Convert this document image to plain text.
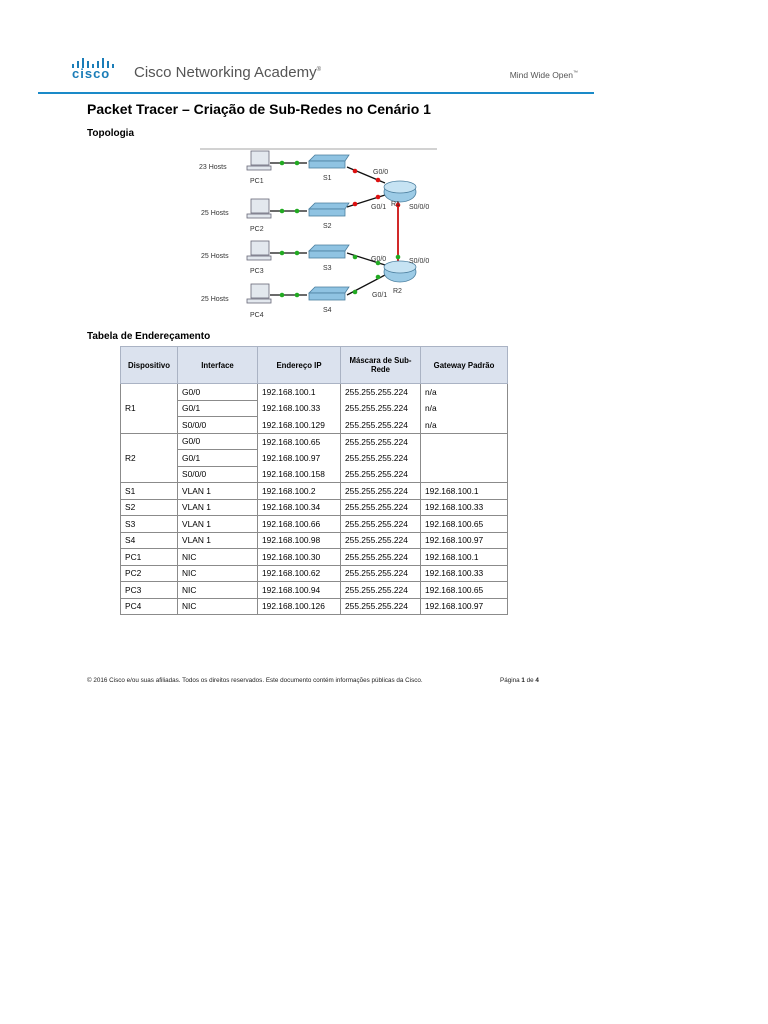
cisco Cisco Networking Academy®	Mind Wide Open™
Packet Tracer – Criação de Sub-Redes no Cenário 1
Topologia
23 Hosts
25 Hosts
25 Hosts
25 Hosts
PC1
PC2
PC3
PC4
S1
S2
S3
S4
R1
R2
G0/0
G0/1	S0/0/0
G0/0
G0/1
S0/0/0
Tabela de Endereçamento
Dispositivo	Interface	Endereço IP	Máscara de Sub-Rede	Gateway Padrão
R1	G0/0	192.168.100.1	255.255.255.224	n/a
	G0/1	192.168.100.33	255.255.255.224	n/a
	S0/0/0	192.168.100.129	255.255.255.224	n/a
R2	G0/0	192.168.100.65	255.255.255.224	
	G0/1	192.168.100.97	255.255.255.224	
	S0/0/0	192.168.100.158	255.255.255.224	
S1	VLAN 1	192.168.100.2	255.255.255.224	192.168.100.1
S2	VLAN 1	192.168.100.34	255.255.255.224	192.168.100.33
S3	VLAN 1	192.168.100.66	255.255.255.224	192.168.100.65
S4	VLAN 1	192.168.100.98	255.255.255.224	192.168.100.97
PC1	NIC	192.168.100.30	255.255.255.224	192.168.100.1
PC2	NIC	192.168.100.62	255.255.255.224	192.168.100.33
PC3	NIC	192.168.100.94	255.255.255.224	192.168.100.65
PC4	NIC	192.168.100.126	255.255.255.224	192.168.100.97
© 2016 Cisco e/ou suas afiliadas. Todos os direitos reservados. Este documento contém informações públicas da Cisco.	Página 1 de 4
